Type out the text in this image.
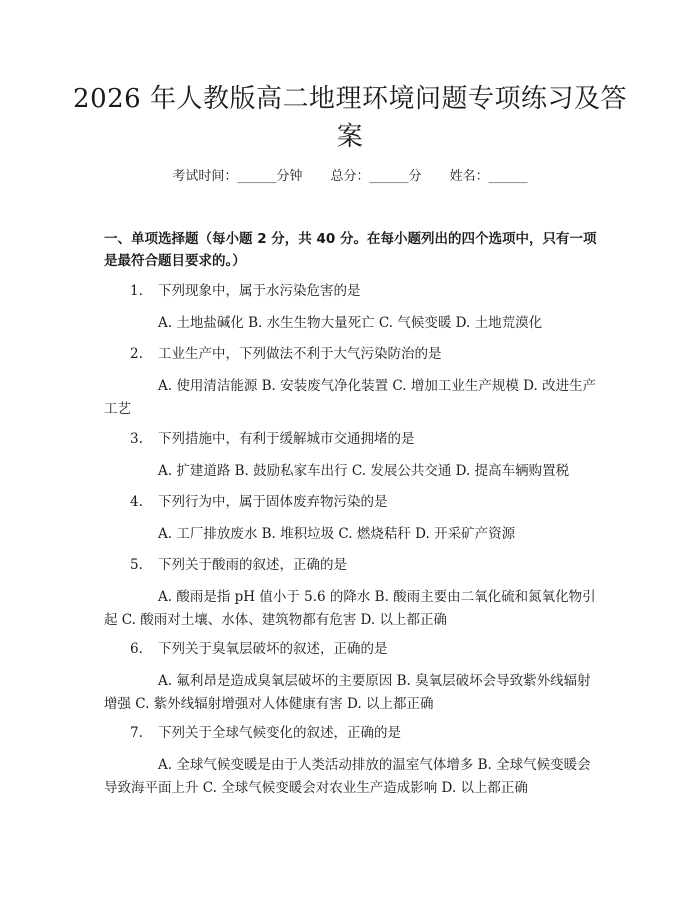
2026 年人教版高二地理环境问题专项练习及答案
考试时间：______分钟 总分：______分 姓名：______
一、单项选择题（每小题 2 分，共 40 分。在每小题列出的四个选项中，只有一项是最符合题目要求的。）
1. 下列现象中，属于水污染危害的是
A. 土地盐碱化 B. 水生生物大量死亡 C. 气候变暖 D. 土地荒漠化
2. 工业生产中，下列做法不利于大气污染防治的是
A. 使用清洁能源 B. 安装废气净化装置 C. 增加工业生产规模 D. 改进生产工艺
3. 下列措施中，有利于缓解城市交通拥堵的是
A. 扩建道路 B. 鼓励私家车出行 C. 发展公共交通 D. 提高车辆购置税
4. 下列行为中，属于固体废弃物污染的是
A. 工厂排放废水 B. 堆积垃圾 C. 燃烧秸秆 D. 开采矿产资源
5. 下列关于酸雨的叙述，正确的是
A. 酸雨是指 pH 值小于 5.6 的降水 B. 酸雨主要由二氧化硫和氮氧化物引起 C. 酸雨对土壤、水体、建筑物都有危害 D. 以上都正确
6. 下列关于臭氧层破坏的叙述，正确的是
A. 氟利昂是造成臭氧层破坏的主要原因 B. 臭氧层破坏会导致紫外线辐射增强 C. 紫外线辐射增强对人体健康有害 D. 以上都正确
7. 下列关于全球气候变化的叙述，正确的是
A. 全球气候变暖是由于人类活动排放的温室气体增多 B. 全球气候变暖会导致海平面上升 C. 全球气候变暖会对农业生产造成影响 D. 以上都正确
